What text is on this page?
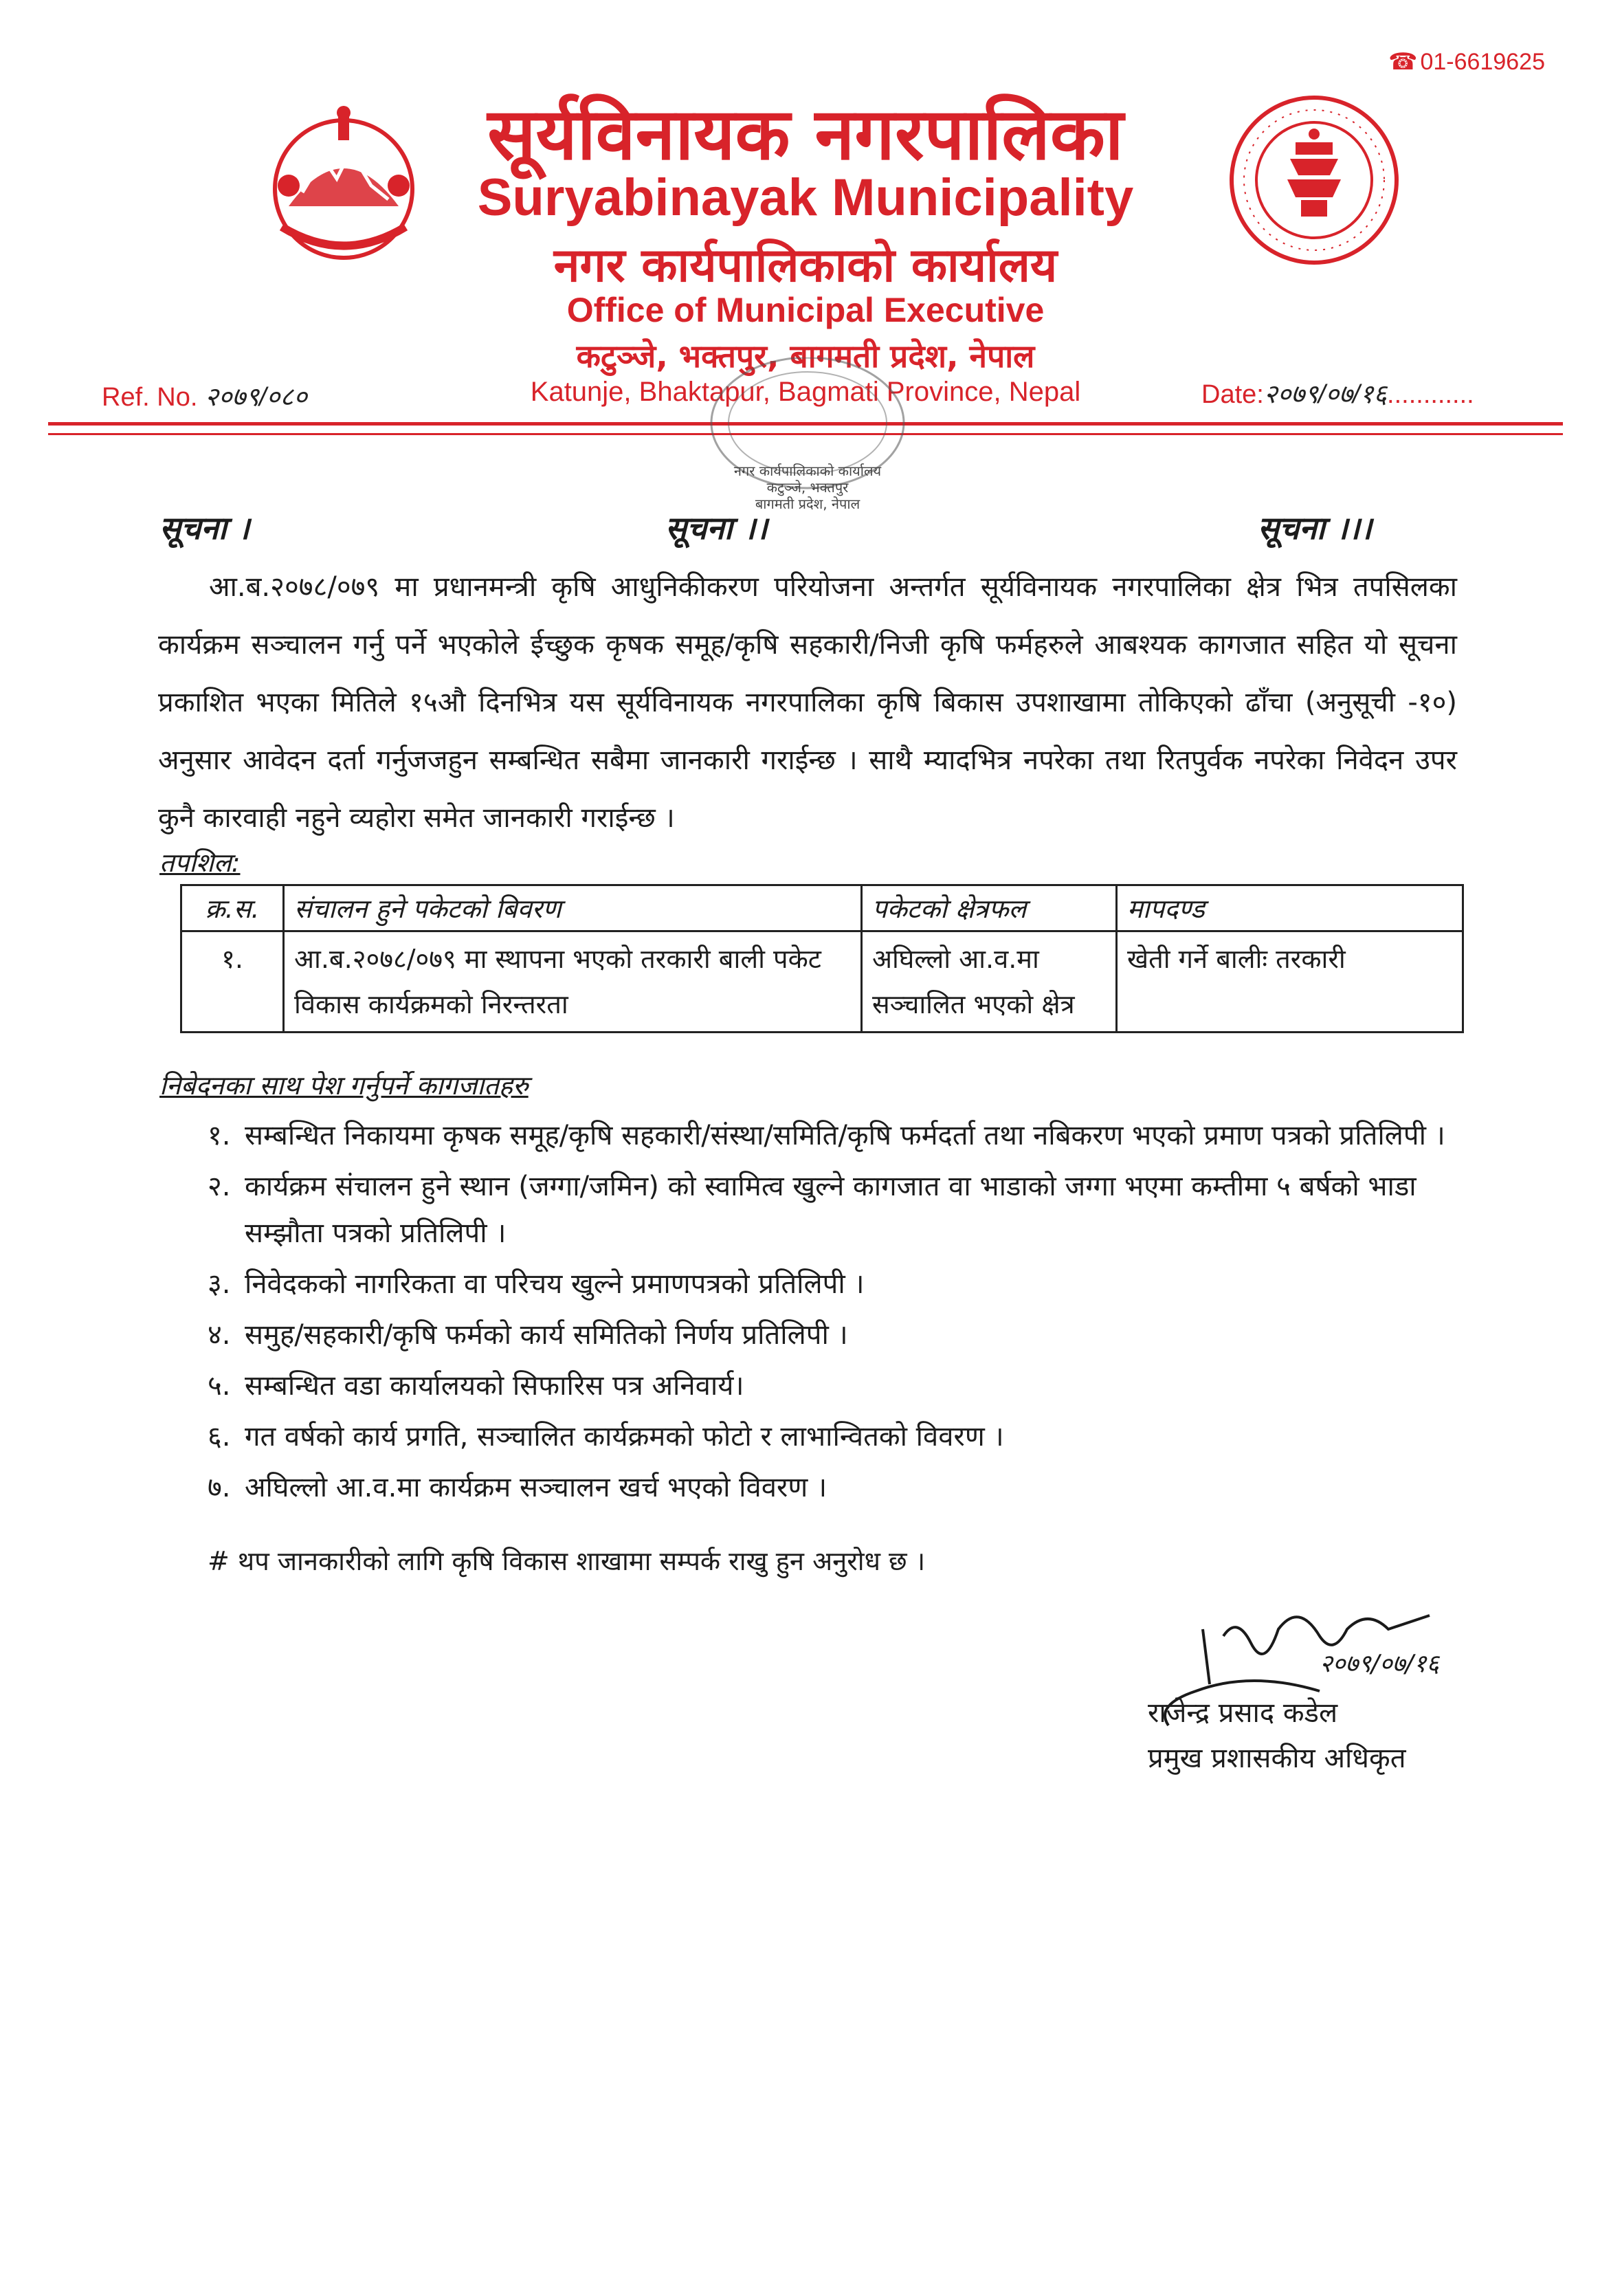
☎ 01-6619625
सूर्यविनायक नगरपालिका
Suryabinayak Municipality
नगर कार्यपालिकाको कार्यालय
Office of Municipal Executive
कटुञ्जे, भक्तपुर, बागमती प्रदेश, नेपाल
Katunje, Bhaktapur, Bagmati Province, Nepal
Ref. No. २०७९/०८०	Date:२०७९/०७/१६............
नगर कार्यपालिकाको कार्यालय
कटुञ्जे, भक्तपुर
बागमती प्रदेश, नेपाल
सूचना ।	सूचना ।।	सूचना ।।।
आ.ब.२०७८/०७९ मा प्रधानमन्त्री कृषि आधुनिकीकरण परियोजना अन्तर्गत सूर्यविनायक नगरपालिका क्षेत्र भित्र तपसिलका कार्यक्रम सञ्चालन गर्नु पर्ने भएकोले ईच्छुक कृषक समूह/कृषि सहकारी/निजी कृषि फर्महरुले आबश्यक कागजात सहित यो सूचना प्रकाशित भएका मितिले १५औ दिनभित्र यस सूर्यविनायक नगरपालिका कृषि बिकास उपशाखामा तोकिएको ढाँचा (अनुसूची -१०) अनुसार आवेदन दर्ता गर्नुजजहुन सम्बन्धित सबैमा जानकारी गराईन्छ । साथै म्यादभित्र नपरेका तथा रितपुर्वक नपरेका निवेदन उपर कुनै कारवाही नहुने व्यहोरा समेत जानकारी गराईन्छ ।
तपशिल:
क्र.स.	संचालन हुने पकेटको बिवरण	पकेटको क्षेत्रफल	मापदण्ड
१.	आ.ब.२०७८/०७९ मा स्थापना भएको तरकारी बाली पकेट विकास कार्यक्रमको निरन्तरता	अघिल्लो आ.व.मा सञ्चालित भएको क्षेत्र	खेती गर्ने बालीः तरकारी
निबेदनका साथ पेश गर्नुपर्ने कागजातहरु
१. सम्बन्धित निकायमा कृषक समूह/कृषि सहकारी/संस्था/समिति/कृषि फर्मदर्ता तथा नबिकरण भएको प्रमाण पत्रको प्रतिलिपी ।
२. कार्यक्रम संचालन हुने स्थान (जग्गा/जमिन) को स्वामित्व खुल्ने कागजात वा भाडाको जग्गा भएमा कम्तीमा ५ बर्षको भाडा सम्झौता पत्रको प्रतिलिपी ।
३. निवेदकको नागरिकता वा परिचय खुल्ने प्रमाणपत्रको प्रतिलिपी ।
४. समुह/सहकारी/कृषि फर्मको कार्य समितिको निर्णय प्रतिलिपी ।
५. सम्बन्धित वडा कार्यालयको सिफारिस पत्र अनिवार्य।
६. गत वर्षको कार्य प्रगति, सञ्चालित कार्यक्रमको फोटो र लाभान्वितको विवरण ।
७. अघिल्लो आ.व.मा कार्यक्रम सञ्चालन खर्च भएको विवरण ।
# थप जानकारीको लागि कृषि विकास शाखामा सम्पर्क राखु हुन अनुरोध छ ।
२०७९/०७/१६
राजेन्द्र प्रसाद कडेल
प्रमुख प्रशासकीय अधिकृत
